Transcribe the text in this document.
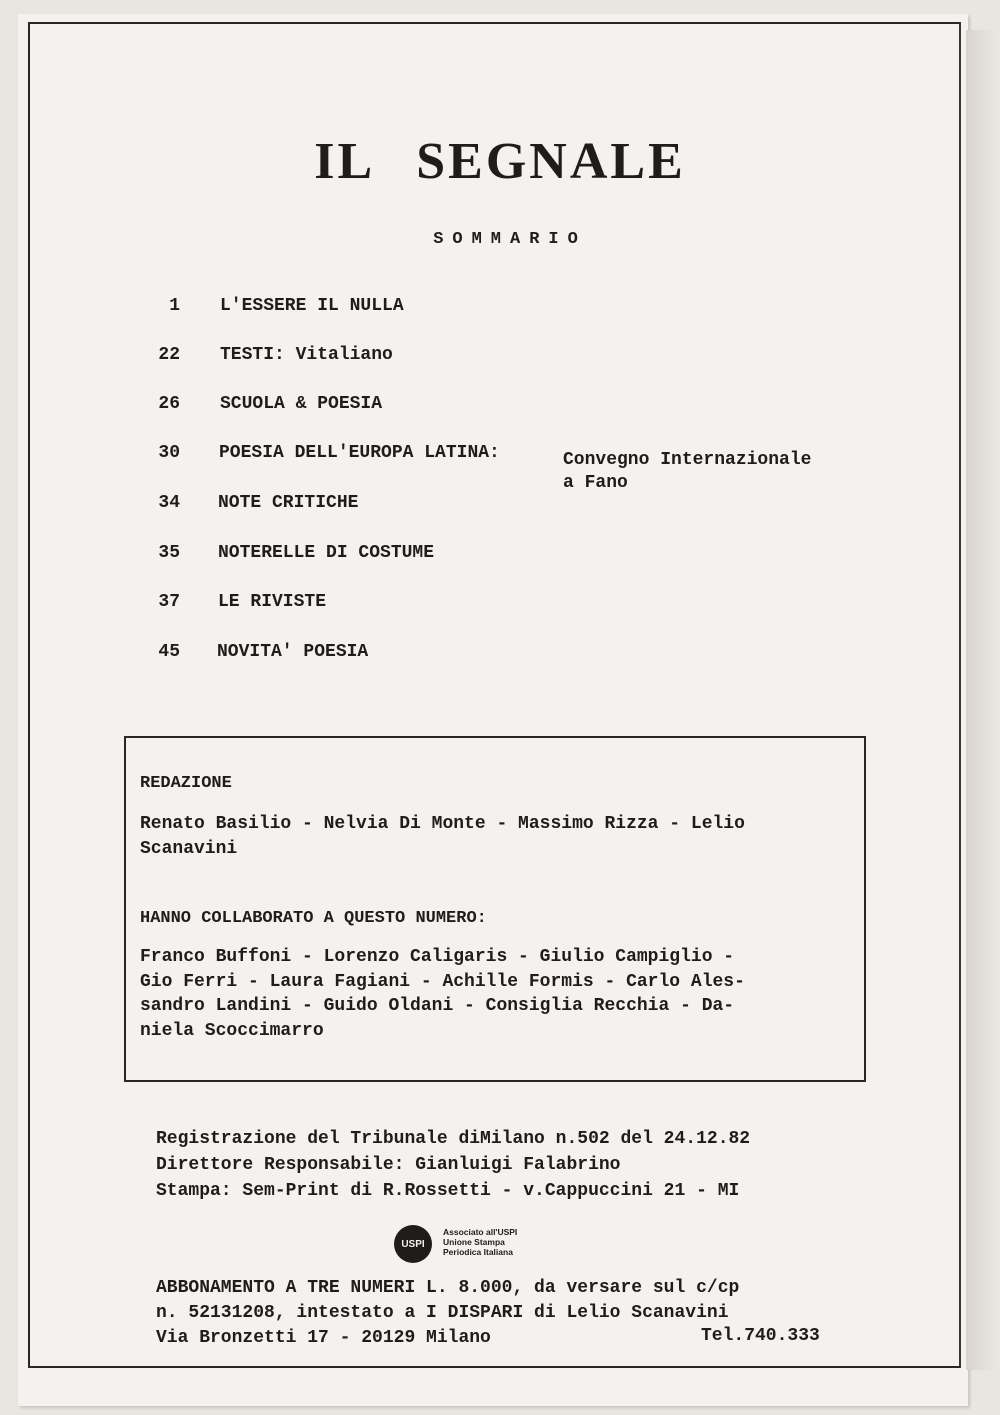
IL SEGNALE
SOMMARIO
1 L'ESSERE IL NULLA
22 TESTI: Vitaliano
26 SCUOLA & POESIA
30 POESIA DELL'EUROPA LATINA:	Convegno Internazionale
a Fano
34 NOTE CRITICHE
35 NOTERELLE DI COSTUME
37 LE RIVISTE
45 NOVITA' POESIA
REDAZIONE
Renato Basilio - Nelvia Di Monte - Massimo Rizza - Lelio
Scanavini
HANNO COLLABORATO A QUESTO NUMERO:
Franco Buffoni - Lorenzo Caligaris - Giulio Campiglio -
Gio Ferri - Laura Fagiani - Achille Formis - Carlo Ales-
sandro Landini - Guido Oldani - Consiglia Recchia - Da-
niela Scoccimarro
Registrazione del Tribunale diMilano n.502 del 24.12.82
Direttore Responsabile: Gianluigi Falabrino
Stampa: Sem-Print di R.Rossetti - v.Cappuccini 21 - MI
USPI
Associato all'USPI
Unione Stampa
Periodica Italiana
ABBONAMENTO A TRE NUMERI L. 8.000, da versare sul c/cp
n. 52131208, intestato a I DISPARI di Lelio Scanavini
Via Bronzetti 17 - 20129 Milano	Tel.740.333
